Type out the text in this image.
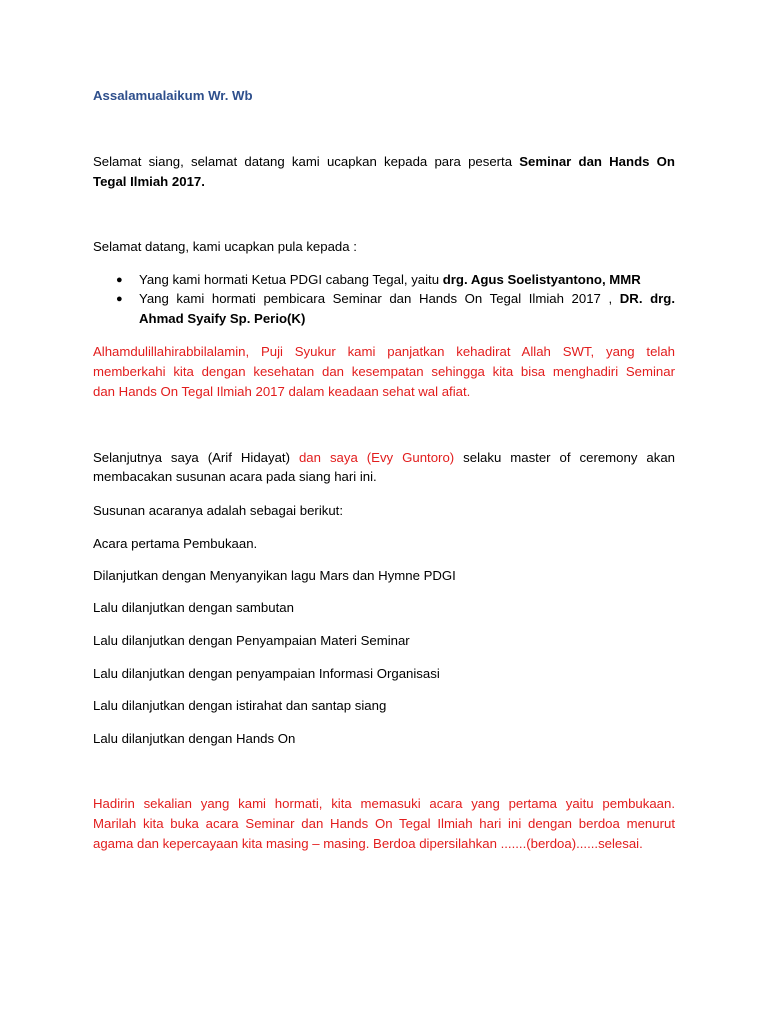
Assalamualaikum Wr. Wb
Selamat siang, selamat datang kami ucapkan kepada para peserta Seminar dan Hands On
Tegal Ilmiah 2017.
Selamat datang, kami ucapkan pula kepada :
● Yang kami hormati Ketua PDGI cabang Tegal, yaitu drg. Agus Soelistyantono, MMR
● Yang kami hormati pembicara Seminar dan Hands On Tegal Ilmiah 2017 , DR. drg.
Ahmad Syaify Sp. Perio(K)
Alhamdulillahirabbilalamin, Puji Syukur kami panjatkan kehadirat Allah SWT, yang telah
memberkahi kita dengan kesehatan dan kesempatan sehingga kita bisa menghadiri Seminar
dan Hands On Tegal Ilmiah 2017 dalam keadaan sehat wal afiat.
Selanjutnya saya (Arif Hidayat) dan saya (Evy Guntoro) selaku master of ceremony akan
membacakan susunan acara pada siang hari ini.
Susunan acaranya adalah sebagai berikut:
Acara pertama Pembukaan.
Dilanjutkan dengan Menyanyikan lagu Mars dan Hymne PDGI
Lalu dilanjutkan dengan sambutan
Lalu dilanjutkan dengan Penyampaian Materi Seminar
Lalu dilanjutkan dengan penyampaian Informasi Organisasi
Lalu dilanjutkan dengan istirahat dan santap siang
Lalu dilanjutkan dengan Hands On
Hadirin sekalian yang kami hormati, kita memasuki acara yang pertama yaitu pembukaan.
Marilah kita buka acara Seminar dan Hands On Tegal Ilmiah hari ini dengan berdoa menurut
agama dan kepercayaan kita masing – masing. Berdoa dipersilahkan .......(berdoa)......selesai.
